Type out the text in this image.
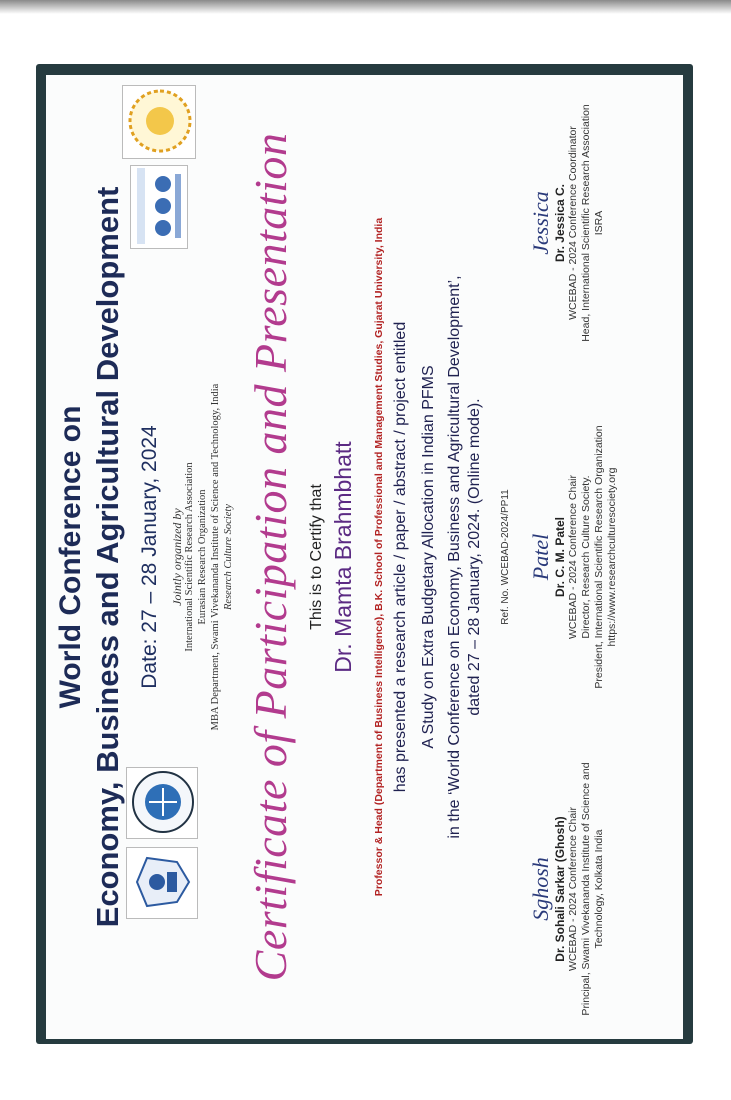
World Conference on Economy, Business and Agricultural Development Date: 27 – 28 January, 2024 Jointly organized by International Scientific Research Association Eurasian Research Organization MBA Department, Swami Vivekananda Institute of Science and Technology, India Research Culture Society Certificate of Participation and Presentation This is to Certify that Dr. Mamta Brahmbhatt Professor & Head (Department of Business Intelligence), B.K. School of Professional and Management Studies, Gujarat University, India has presented a research article / paper / abstract / project entitled A Study on Extra Budgetary Allocation in Indian PFMS in the ‘World Conference on Economy, Business and Agricultural Development’, dated 27 – 28 January, 2024. (Online mode). Ref. No. WCEBAD-2024/PP11
Sghosh Dr. Sohali Sarkar (Ghosh) WCEBAD - 2024 Conference Chair Principal, Swami Vivekananda Institute of Science and Technology, Kolkata India
Patel Dr. C. M. Patel WCEBAD - 2024 Conference Chair Director, Research Culture Society. President, International Scientific Research Organization https://www.researchculturesociety.org
Jessica Dr. Jessica C. WCEBAD - 2024 Conference Coordinator Head, International Scientific Research Association ISRA
